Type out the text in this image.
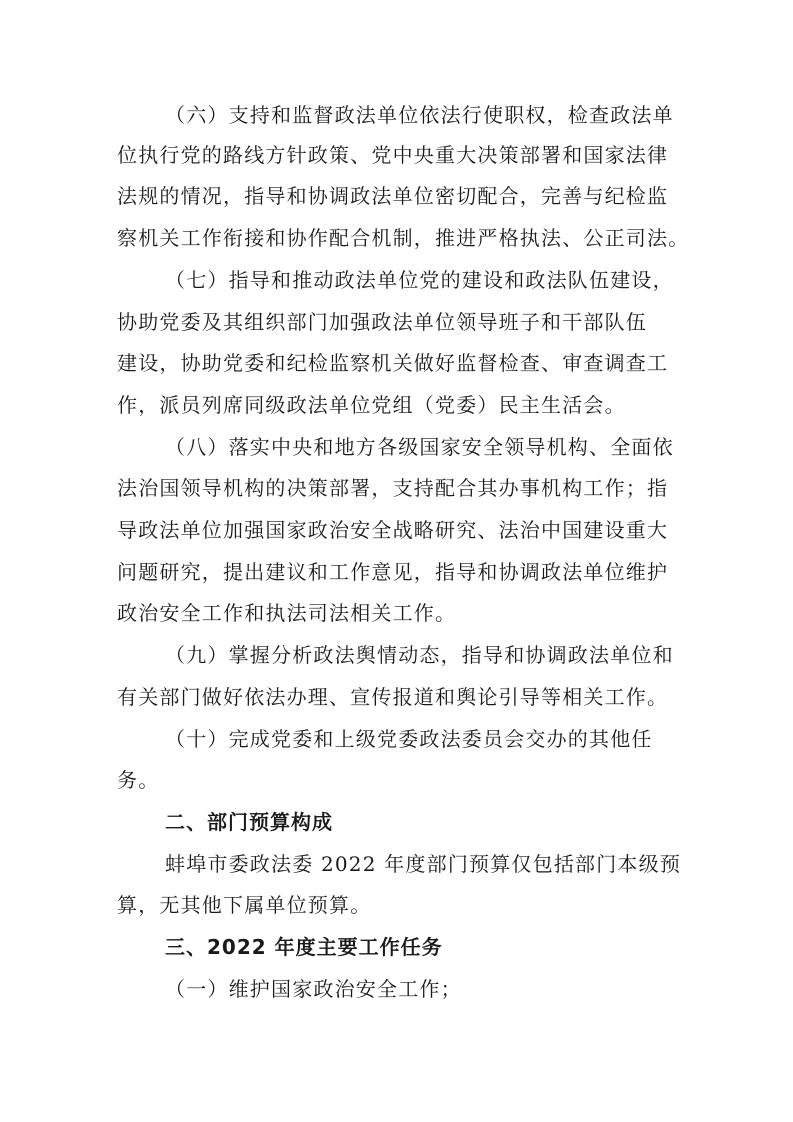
（六）支持和监督政法单位依法行使职权，检查政法单
位执行党的路线方针政策、党中央重大决策部署和国家法律
法规的情况，指导和协调政法单位密切配合，完善与纪检监
察机关工作衔接和协作配合机制，推进严格执法、公正司法。
（七）指导和推动政法单位党的建设和政法队伍建设，
协助党委及其组织部门加强政法单位领导班子和干部队伍
建设，协助党委和纪检监察机关做好监督检查、审查调查工
作，派员列席同级政法单位党组（党委）民主生活会。
（八）落实中央和地方各级国家安全领导机构、全面依
法治国领导机构的决策部署，支持配合其办事机构工作；指
导政法单位加强国家政治安全战略研究、法治中国建设重大
问题研究，提出建议和工作意见，指导和协调政法单位维护
政治安全工作和执法司法相关工作。
（九）掌握分析政法舆情动态，指导和协调政法单位和
有关部门做好依法办理、宣传报道和舆论引导等相关工作。
（十）完成党委和上级党委政法委员会交办的其他任
务。
二、部门预算构成
蚌埠市委政法委 2022 年度部门预算仅包括部门本级预
算，无其他下属单位预算。
三、2022 年度主要工作任务
（一）维护国家政治安全工作；
